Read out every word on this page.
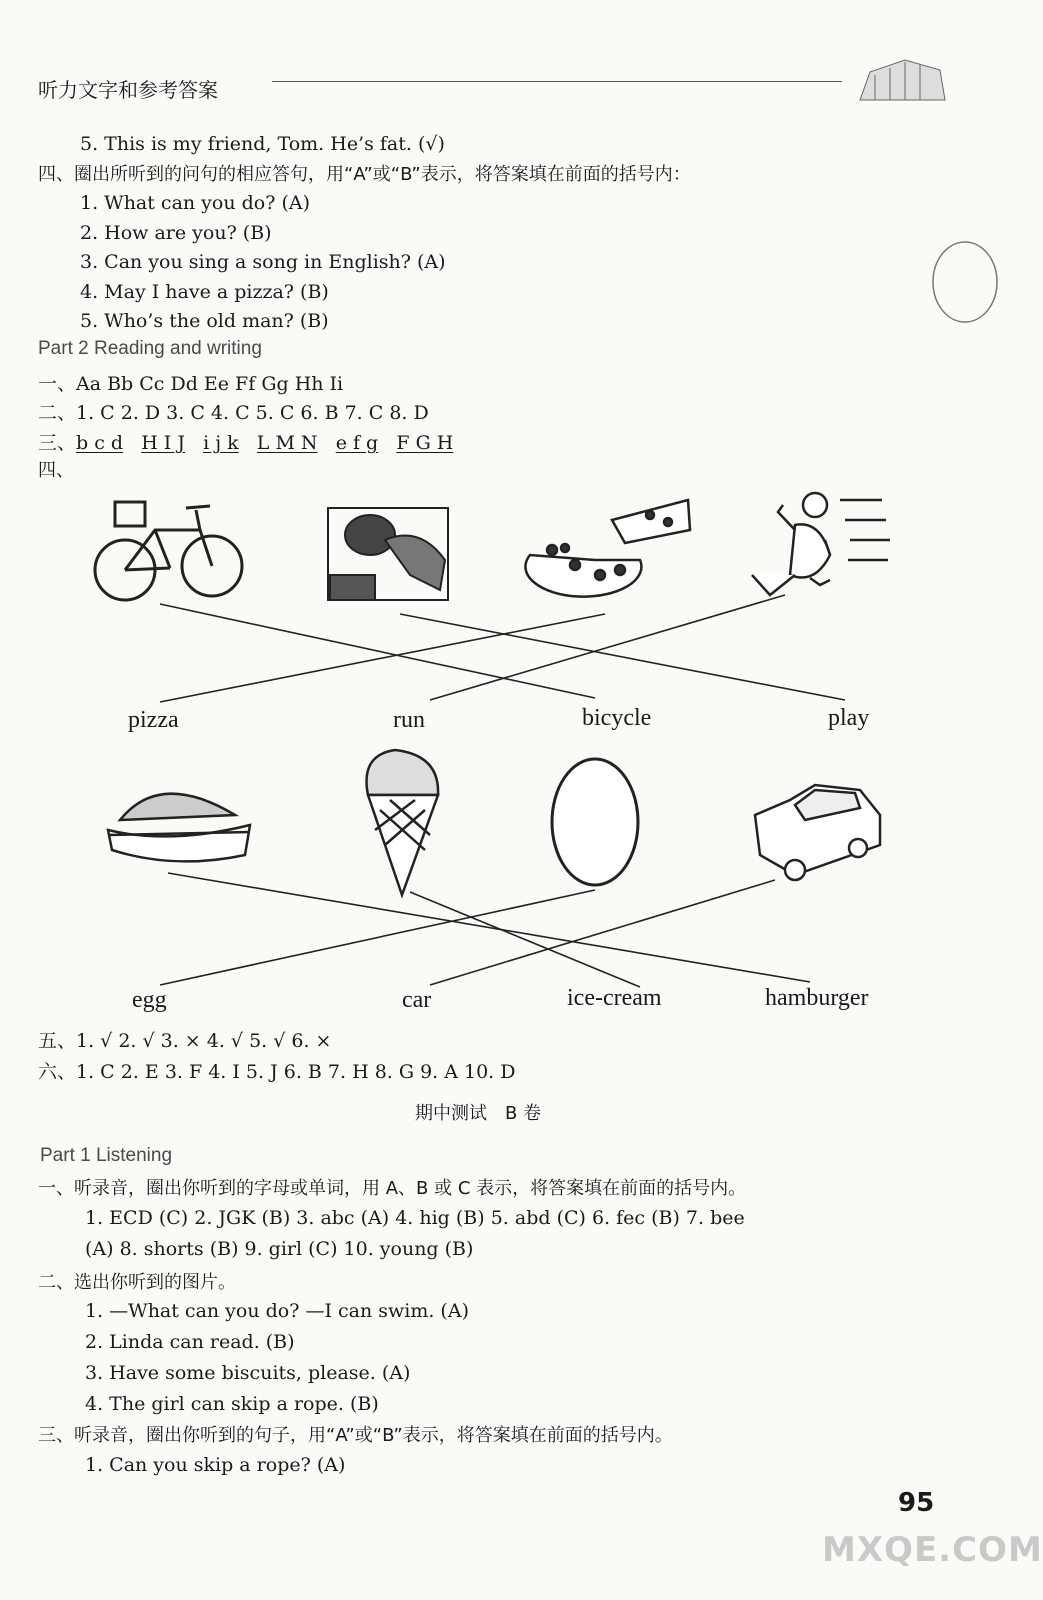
听力文字和参考答案
5. This is my friend, Tom. He’s fat. (√)
四、圈出所听到的问句的相应答句，用“A”或“B”表示，将答案填在前面的括号内：
1. What can you do? (A)
2. How are you? (B)
3. Can you sing a song in English? (A)
4. May I have a pizza? (B)
5. Who’s the old man? (B)
Part 2 Reading and writing
一、Aa Bb Cc Dd Ee Ff Gg Hh Ii
二、1. C 2. D 3. C 4. C 5. C 6. B 7. C 8. D
三、b c d H I J i j k L M N e f g F G H
四、
pizza	run	bicycle	play
egg	car	ice-cream	hamburger
五、1. √ 2. √ 3. × 4. √ 5. √ 6. ×
六、1. C 2. E 3. F 4. I 5. J 6. B 7. H 8. G 9. A 10. D
期中测试　B 卷
Part 1 Listening
一、听录音，圈出你听到的字母或单词，用 A、B 或 C 表示，将答案填在前面的括号内。
1. ECD (C) 2. JGK (B) 3. abc (A) 4. hig (B) 5. abd (C) 6. fec (B) 7. bee
(A) 8. shorts (B) 9. girl (C) 10. young (B)
二、选出你听到的图片。
1. —What can you do? —I can swim. (A)
2. Linda can read. (B)
3. Have some biscuits, please. (A)
4. The girl can skip a rope. (B)
三、听录音，圈出你听到的句子，用“A”或“B”表示，将答案填在前面的括号内。
1. Can you skip a rope? (A)
95
MXQE.COM
